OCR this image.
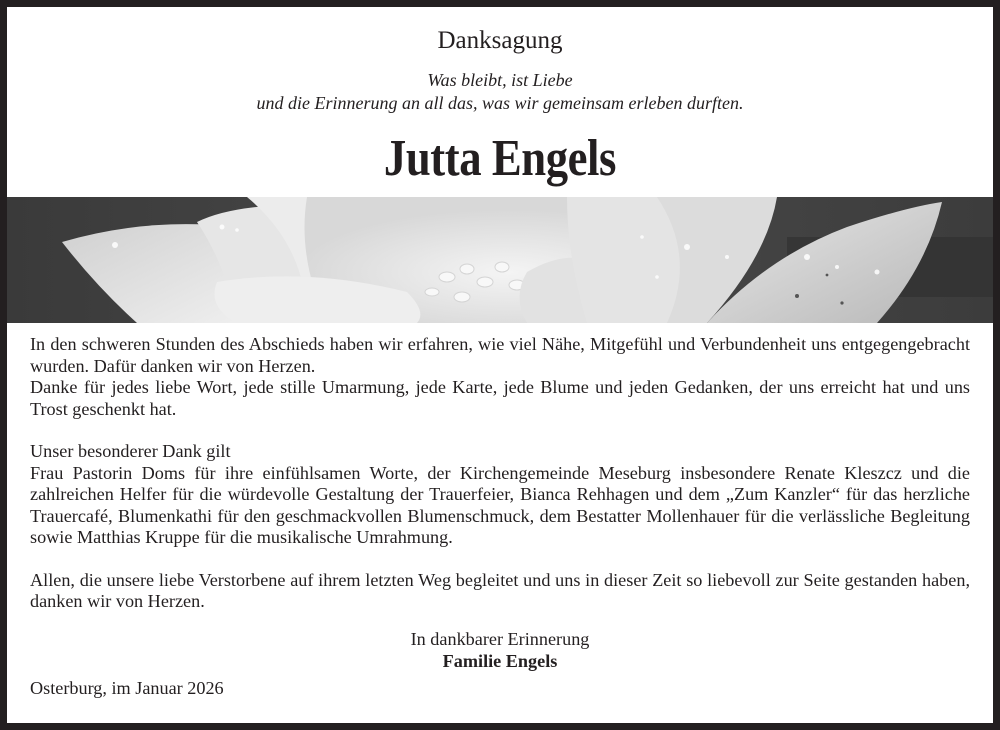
Danksagung
Was bleibt, ist Liebe
und die Erinnerung an all das, was wir gemeinsam erleben durften.
Jutta Engels

In den schweren Stunden des Abschieds haben wir erfahren, wie viel Nähe, Mitgefühl und Verbundenheit uns entgegengebracht wurden. Dafür danken wir von Herzen.

Danke für jedes liebe Wort, jede stille Umarmung, jede Karte, jede Blume und jeden Gedanken, der uns erreicht hat und uns Trost geschenkt hat.

Unser besonderer Dank gilt

Frau Pastorin Doms für ihre einfühlsamen Worte, der Kirchengemeinde Meseburg insbesondere Renate Kleszcz und die zahlreichen Helfer für die würdevolle Gestaltung der Trauerfeier, Bianca Rehhagen und dem „Zum Kanzler“ für das herzliche Trauercafé, Blumenkathi für den geschmackvollen Blumenschmuck, dem Bestatter Mollenhauer für die verlässliche Begleitung sowie Matthias Kruppe für die musikalische Umrahmung.

Allen, die unsere liebe Verstorbene auf ihrem letzten Weg begleitet und uns in dieser Zeit so liebevoll zur Seite gestanden haben, danken wir von Herzen.

In dankbarer Erinnerung
Familie Engels
Osterburg, im Januar 2026
